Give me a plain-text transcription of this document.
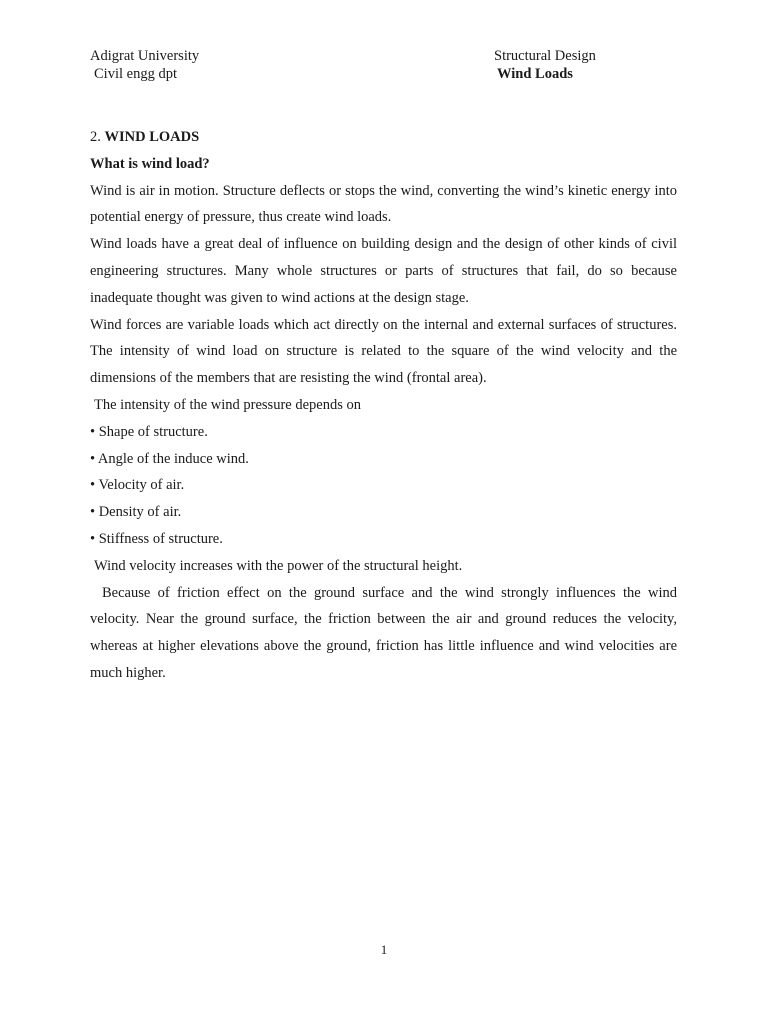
Adigrat University
Civil engg dpt
Structural Design
Wind Loads

2. WIND LOADS

What is wind load?

Wind is air in motion. Structure deflects or stops the wind, converting the wind’s kinetic energy into potential energy of pressure, thus create wind loads.

Wind loads have a great deal of influence on building design and the design of other kinds of civil engineering structures. Many whole structures or parts of structures that fail, do so because inadequate thought was given to wind actions at the design stage.

Wind forces are variable loads which act directly on the internal and external surfaces of structures. The intensity of wind load on structure is related to the square of the wind velocity and the dimensions of the members that are resisting the wind (frontal area).

The intensity of the wind pressure depends on

• Shape of structure.
• Angle of the induce wind.
• Velocity of air.
• Density of air.
• Stiffness of structure.

Wind velocity increases with the power of the structural height.

Because of friction effect on the ground surface and the wind strongly influences the wind velocity. Near the ground surface, the friction between the air and ground reduces the velocity, whereas at higher elevations above the ground, friction has little influence and wind velocities are much higher.

1
